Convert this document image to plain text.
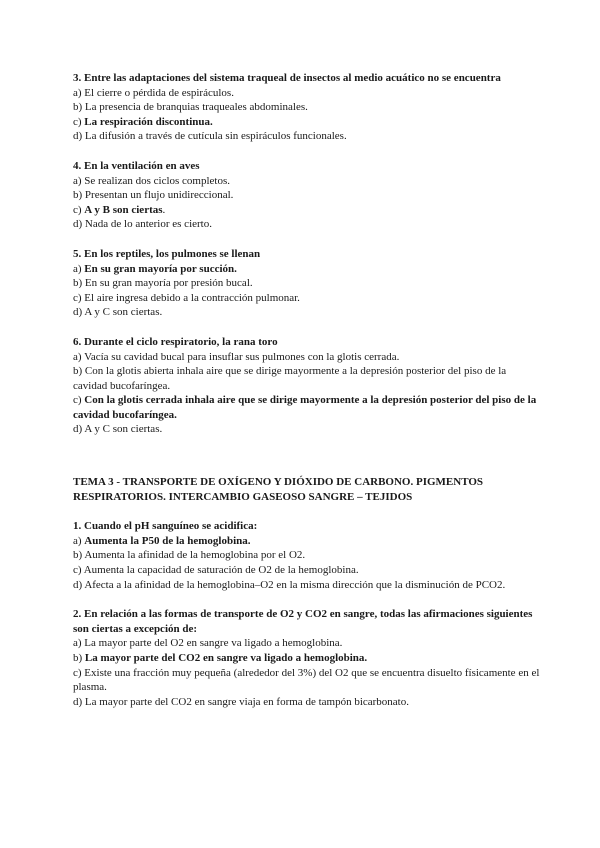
3. Entre las adaptaciones del sistema traqueal de insectos al medio acuático no se encuentra
a) El cierre o pérdida de espiráculos.
b) La presencia de branquias traqueales abdominales.
c) La respiración discontinua.
d) La difusión a través de cutícula sin espiráculos funcionales.
4. En la ventilación en aves
a) Se realizan dos ciclos completos.
b) Presentan un flujo unidireccional.
c) A y B son ciertas.
d) Nada de lo anterior es cierto.
5. En los reptiles, los pulmones se llenan
a) En su gran mayoría por succión.
b) En su gran mayoría por presión bucal.
c) El aire ingresa debido a la contracción pulmonar.
d) A y C son ciertas.
6. Durante el ciclo respiratorio, la rana toro
a) Vacía su cavidad bucal para insuflar sus pulmones con la glotis cerrada.
b) Con la glotis abierta inhala aire que se dirige mayormente a la depresión posterior del piso de la cavidad bucofaríngea.
c) Con la glotis cerrada inhala aire que se dirige mayormente a la depresión posterior del piso de la cavidad bucofaríngea.
d) A y C son ciertas.
TEMA 3 - TRANSPORTE DE OXÍGENO Y DIÓXIDO DE CARBONO. PIGMENTOS RESPIRATORIOS. INTERCAMBIO GASEOSO SANGRE – TEJIDOS
1. Cuando el pH sanguíneo se acidifica:
a) Aumenta la P50 de la hemoglobina.
b) Aumenta la afinidad de la hemoglobina por el O2.
c) Aumenta la capacidad de saturación de O2 de la hemoglobina.
d) Afecta a la afinidad de la hemoglobina–O2 en la misma dirección que la disminución de PCO2.
2. En relación a las formas de transporte de O2 y CO2 en sangre, todas las afirmaciones siguientes son ciertas a excepción de:
a) La mayor parte del O2 en sangre va ligado a hemoglobina.
b) La mayor parte del CO2 en sangre va ligado a hemoglobina.
c) Existe una fracción muy pequeña (alrededor del 3%) del O2 que se encuentra disuelto físicamente en el plasma.
d) La mayor parte del CO2 en sangre viaja en forma de tampón bicarbonato.
